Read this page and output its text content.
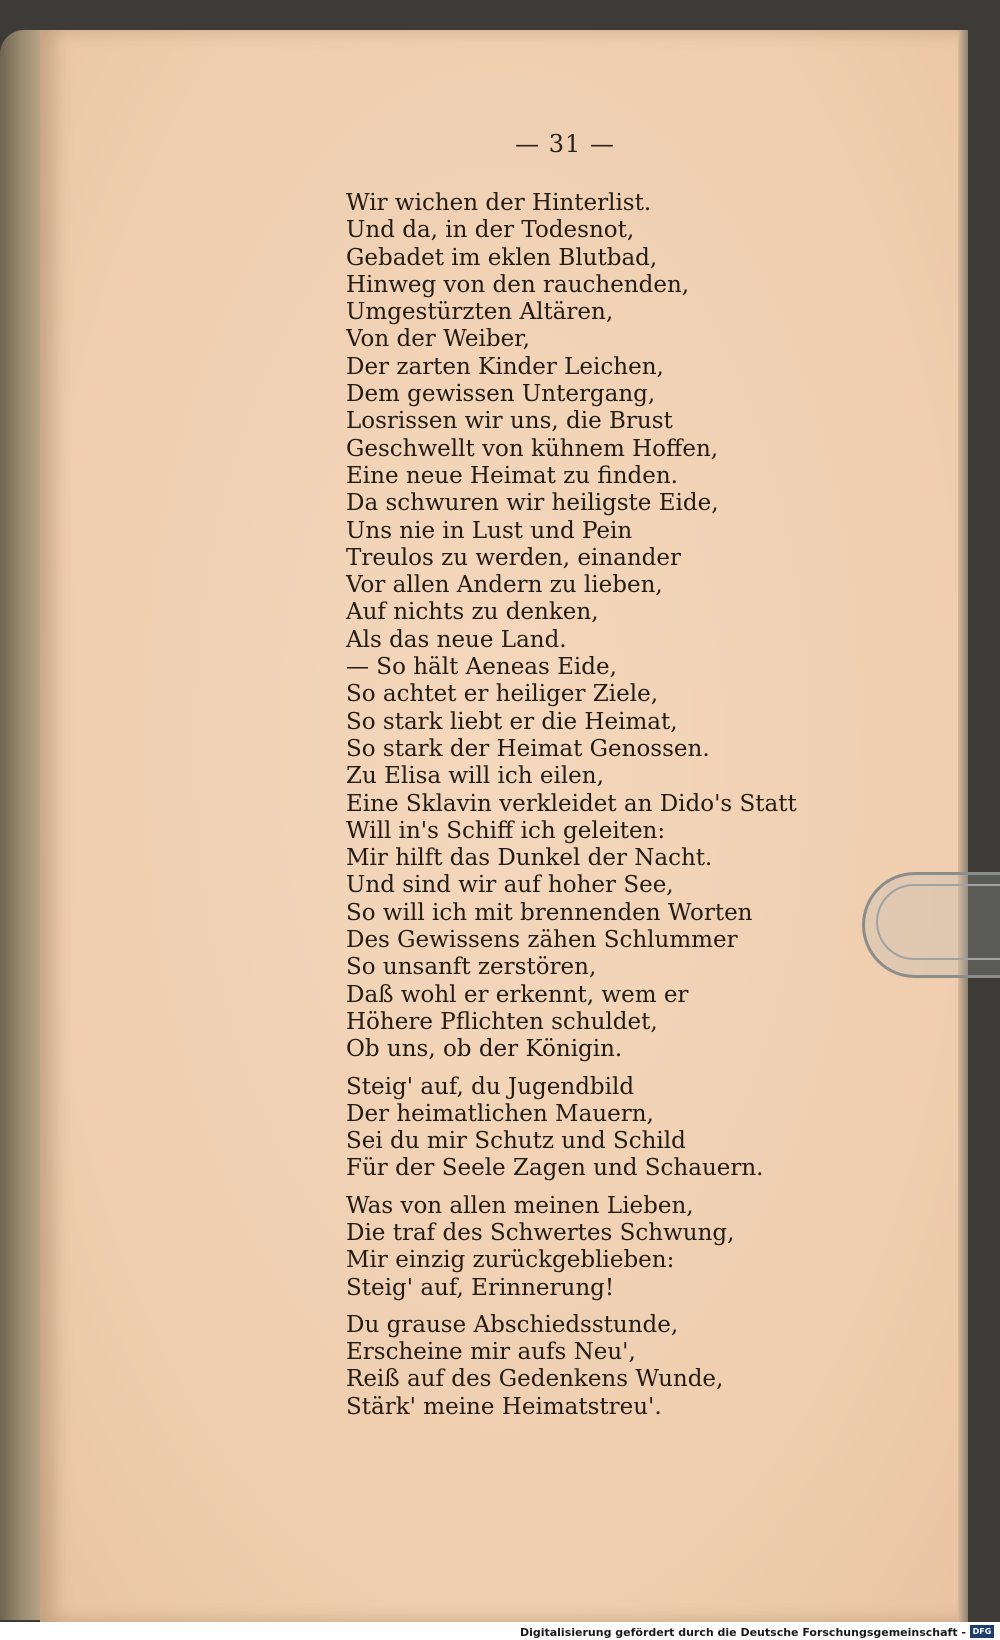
— 31 —
Wir wichen der Hinterlist.
Und da, in der Todesnot,
Gebadet im eklen Blutbad,
Hinweg von den rauchenden,
Umgestürzten Altären,
Von der Weiber,
Der zarten Kinder Leichen,
Dem gewissen Untergang,
Losrissen wir uns, die Brust
Geschwellt von kühnem Hoffen,
Eine neue Heimat zu finden.
Da schwuren wir heiligste Eide,
Uns nie in Lust und Pein
Treulos zu werden, einander
Vor allen Andern zu lieben,
Auf nichts zu denken,
Als das neue Land.
— So hält Aeneas Eide,
So achtet er heiliger Ziele,
So stark liebt er die Heimat,
So stark der Heimat Genossen.
Zu Elisa will ich eilen,
Eine Sklavin verkleidet an Dido's Statt
Will in's Schiff ich geleiten:
Mir hilft das Dunkel der Nacht.
Und sind wir auf hoher See,
So will ich mit brennenden Worten
Des Gewissens zähen Schlummer
So unsanft zerstören,
Daß wohl er erkennt, wem er
Höhere Pflichten schuldet,
Ob uns, ob der Königin.
Steig' auf, du Jugendbild
Der heimatlichen Mauern,
Sei du mir Schutz und Schild
Für der Seele Zagen und Schauern.
Was von allen meinen Lieben,
Die traf des Schwertes Schwung,
Mir einzig zurückgeblieben:
Steig' auf, Erinnerung!
Du grause Abschiedsstunde,
Erscheine mir aufs Neu',
Reiß auf des Gedenkens Wunde,
Stärk' meine Heimatstreu'.
Digitalisierung gefördert durch die Deutsche Forschungsgemeinschaft - DFG
